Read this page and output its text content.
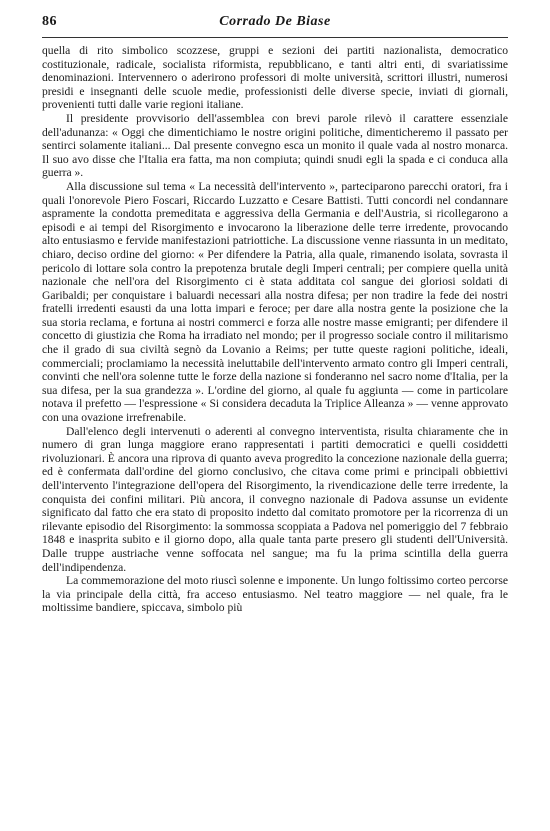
86	Corrado De Biase

quella di rito simbolico scozzese, gruppi e sezioni dei partiti nazionalista, democratico costituzionale, radicale, socialista riformista, repubblicano, e tanti altri enti, di svariatissime denominazioni. Intervennero o aderirono professori di molte università, scrittori illustri, numerosi presidi e insegnanti delle scuole medie, professionisti delle diverse specie, inviati di giornali, provenienti tutti dalle varie regioni italiane.

Il presidente provvisorio dell'assemblea con brevi parole rilevò il carattere essenziale dell'adunanza: « Oggi che dimentichiamo le nostre origini politiche, dimenticheremo il passato per sentirci solamente italiani... Dal presente convegno esca un monito il quale vada al nostro monarca. Il suo avo disse che l'Italia era fatta, ma non compiuta; quindi snudi egli la spada e ci conduca alla guerra ».

Alla discussione sul tema « La necessità dell'intervento », parteciparono parecchi oratori, fra i quali l'onorevole Piero Foscari, Riccardo Luzzatto e Cesare Battisti. Tutti concordi nel condannare aspramente la condotta premeditata e aggressiva della Germania e dell'Austria, si ricollegarono a episodi e ai tempi del Risorgimento e invocarono la liberazione delle terre irredente, provocando alto entusiasmo e fervide manifestazioni patriottiche. La discussione venne riassunta in un meditato, chiaro, deciso ordine del giorno: « Per difendere la Patria, alla quale, rimanendo isolata, sovrasta il pericolo di lottare sola contro la prepotenza brutale degli Imperi centrali; per compiere quella unità nazionale che nell'ora del Risorgimento ci è stata additata col sangue dei gloriosi soldati di Garibaldi; per conquistare i baluardi necessari alla nostra difesa; per non tradire la fede dei nostri fratelli irredenti esausti da una lotta impari e feroce; per dare alla nostra gente la posizione che la sua storia reclama, e fortuna ai nostri commerci e forza alle nostre masse emigranti; per difendere il concetto di giustizia che Roma ha irradiato nel mondo; per il progresso sociale contro il militarismo che il grado di sua civiltà segnò da Lovanio a Reims; per tutte queste ragioni politiche, ideali, commerciali; proclamiamo la necessità ineluttabile dell'intervento armato contro gli Imperi centrali, convinti che nell'ora solenne tutte le forze della nazione si fonderanno nel sacro nome d'Italia, per la sua difesa, per la sua grandezza ». L'ordine del giorno, al quale fu aggiunta — come in particolare notava il prefetto — l'espressione « Si considera decaduta la Triplice Alleanza » — venne approvato con una ovazione irrefrenabile.

Dall'elenco degli intervenuti o aderenti al convegno interventista, risulta chiaramente che in numero di gran lunga maggiore erano rappresentati i partiti democratici e quelli cosiddetti rivoluzionari. È ancora una riprova di quanto aveva progredito la concezione nazionale della guerra; ed è confermata dall'ordine del giorno conclusivo, che citava come primi e principali obbiettivi dell'intervento l'integrazione dell'opera del Risorgimento, la rivendicazione delle terre irredente, la conquista dei confini militari. Più ancora, il convegno nazionale di Padova assunse un evidente significato dal fatto che era stato di proposito indetto dal comitato promotore per la ricorrenza di un rilevante episodio del Risorgimento: la sommossa scoppiata a Padova nel pomeriggio del 7 febbraio 1848 e inasprita subito e il giorno dopo, alla quale tanta parte presero gli studenti dell'Università. Dalle truppe austriache venne soffocata nel sangue; ma fu la prima scintilla della guerra dell'indipendenza.

La commemorazione del moto riuscì solenne e imponente. Un lungo foltissimo corteo percorse la via principale della città, fra acceso entusiasmo. Nel teatro maggiore — nel quale, fra le moltissime bandiere, spiccava, simbolo più
